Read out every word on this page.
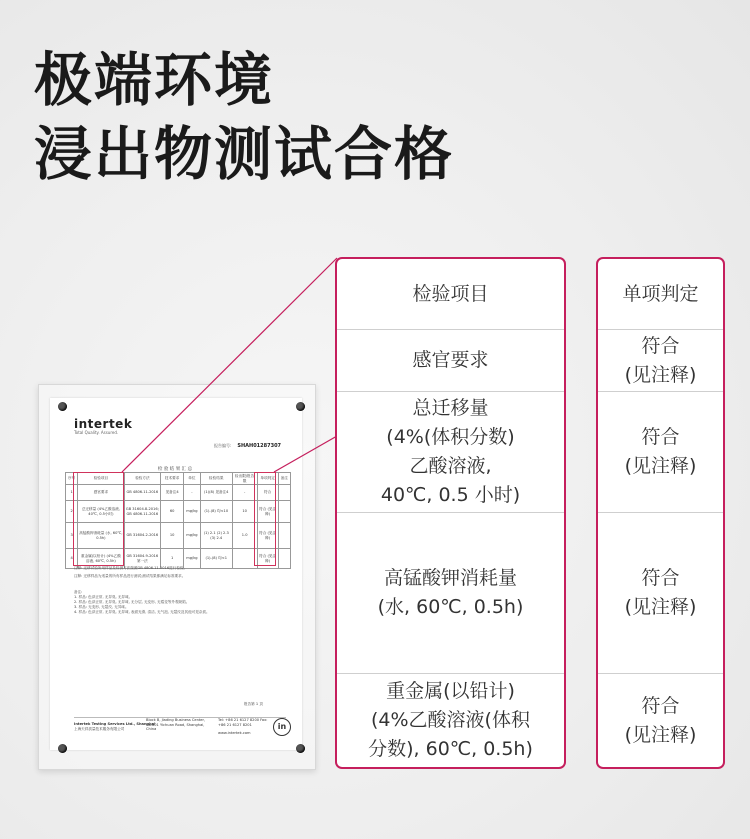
极端环境
浸出物测试合格
intertek
Total Quality. Assured.
报告编号: SHAH01287307
检 验 结 果 汇 总
序号	检验项目	检验方法	技术要求	单位	检验结果	检出限/报告限	单项判定	备注
1	感官要求	GB 4806.11-2016	见备注4	-	(1)(8) 见备注4	-	符合	
2	总迁移量 (4%乙酸溶液, 40℃, 0.5小时)	GB 31604.8-2016; GB 4806.11-2016	60	mg/kg	(1)-(8) 均<10	10	符合 (见注释)	
3	高锰酸钾消耗量 (水, 60℃, 0.5h)	GB 31604.2-2016	10	mg/kg	(1) 2.1 (2) 2.3 (3) 2.4	1.0	符合 (见注释)	
4	重金属(以铅计) (4%乙酸溶液, 60℃, 0.5h)	GB 31604.9-2016 第一法	1	mg/kg	(1)-(8) 均<1		符合 (见注释)	
注释: 迁移试验所用样品及检测方法按照GB 4806.11-2016进行检验。
注释: 迁移样品为适量的所有样品进行测试;测试结果都满足标准要求。
备注:
1. 样品: 色泽正常, 无异臭, 无异味。
2. 样品: 色泽正常, 无异臭, 无异味, 无分层, 无变形, 无霉变等外观缺陷。
3. 样品: 无变形, 无裂纹, 无异味。
4. 样品: 色泽正常, 无异臭, 无异味, 表面光滑, 清洁, 无气泡, 无裂纹及其他可见杂质。
报告第 1 页
Intertek Testing Services Ltd., Shanghai
上海天祥质量技术服务有限公司
Block B, Jiading Business Center, No.801 Yichuan Road, Shanghai, China
Tel: +86 21 6127 8200 Fax: +86 21 6127 8201
www.intertek.com
in
检验项目
感官要求
总迁移量
(4%(体积分数)
乙酸溶液,
40℃, 0.5 小时)
高锰酸钾消耗量
(水, 60℃, 0.5h)
重金属(以铅计)
(4%乙酸溶液(体积
分数), 60℃, 0.5h)
单项判定
符合
(见注释)
符合
(见注释)
符合
(见注释)
符合
(见注释)
